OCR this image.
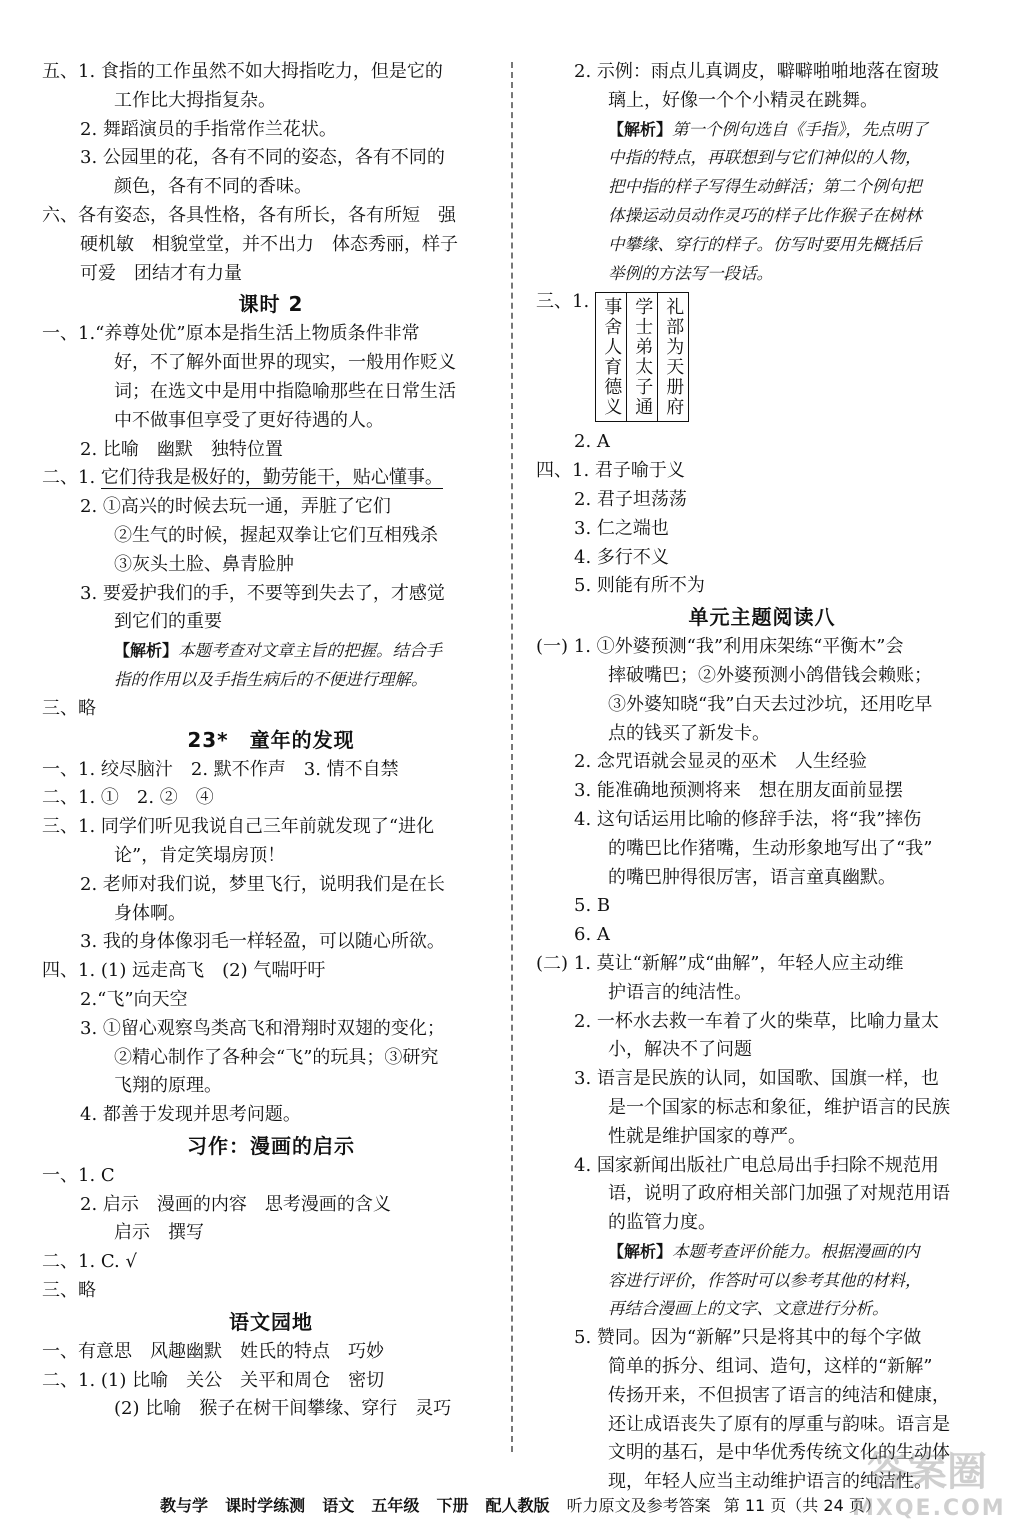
五、1. 食指的工作虽然不如大拇指吃力，但是它的
工作比大拇指复杂。
2. 舞蹈演员的手指常作兰花状。
3. 公园里的花，各有不同的姿态，各有不同的
颜色，各有不同的香味。
六、各有姿态，各具性格，各有所长，各有所短　强
硬机敏　相貌堂堂，并不出力　体态秀丽，样子
可爱　团结才有力量
课时 2
一、1.“养尊处优”原本是指生活上物质条件非常
好，不了解外面世界的现实，一般用作贬义
词；在选文中是用中指隐喻那些在日常生活
中不做事但享受了更好待遇的人。
2. 比喻　幽默　独特位置
二、1. 它们待我是极好的，勤劳能干，贴心懂事。
2. ①高兴的时候去玩一通，弄脏了它们
②生气的时候，握起双拳让它们互相残杀
③灰头土脸、鼻青脸肿
3. 要爱护我们的手，不要等到失去了，才感觉
到它们的重要
【解析】本题考查对文章主旨的把握。结合手
指的作用以及手指生病后的不便进行理解。
三、略
23*　童年的发现
一、1. 绞尽脑汁　2. 默不作声　3. 情不自禁
二、1. ①　2. ②　④
三、1. 同学们听见我说自己三年前就发现了“进化
论”，肯定笑塌房顶！
2. 老师对我们说，梦里飞行，说明我们是在长
身体啊。
3. 我的身体像羽毛一样轻盈，可以随心所欲。
四、1. (1) 远走高飞　(2) 气喘吁吁
2.“飞”向天空
3. ①留心观察鸟类高飞和滑翔时双翅的变化；
②精心制作了各种会“飞”的玩具；③研究
飞翔的原理。
4. 都善于发现并思考问题。
习作：漫画的启示
一、1. C
2. 启示　漫画的内容　思考漫画的含义
启示　撰写
二、1. C. √
三、略
语文园地
一、有意思　风趣幽默　姓氏的特点　巧妙
二、1. (1) 比喻　关公　关平和周仓　密切
(2) 比喻　猴子在树干间攀缘、穿行　灵巧
2. 示例：雨点儿真调皮，噼噼啪啪地落在窗玻
璃上，好像一个个小精灵在跳舞。
【解析】第一个例句选自《手指》，先点明了
中指的特点，再联想到与它们神似的人物，
把中指的样子写得生动鲜活；第二个例句把
体操运动员动作灵巧的样子比作猴子在树林
中攀缘、穿行的样子。仿写时要用先概括后
举例的方法写一段话。
三、1.	礼部为天册府
学士弟太子通
事舍人育德义
2. A
四、1. 君子喻于义
2. 君子坦荡荡
3. 仁之端也
4. 多行不义
5. 则能有所不为
单元主题阅读八
(一) 1. ①外婆预测“我”利用床架练“平衡木”会
摔破嘴巴；②外婆预测小鸽借钱会赖账；
③外婆知晓“我”白天去过沙坑，还用吃早
点的钱买了新发卡。
2. 念咒语就会显灵的巫术　人生经验
3. 能准确地预测将来　想在朋友面前显摆
4. 这句话运用比喻的修辞手法，将“我”摔伤
的嘴巴比作猪嘴，生动形象地写出了“我”
的嘴巴肿得很厉害，语言童真幽默。
5. B
6. A
(二) 1. 莫让“新解”成“曲解”，年轻人应主动维
护语言的纯洁性。
2. 一杯水去救一车着了火的柴草，比喻力量太
小，解决不了问题
3. 语言是民族的认同，如国歌、国旗一样，也
是一个国家的标志和象征，维护语言的民族
性就是维护国家的尊严。
4. 国家新闻出版社广电总局出手扫除不规范用
语，说明了政府相关部门加强了对规范用语
的监管力度。
【解析】本题考查评价能力。根据漫画的内
容进行评价，作答时可以参考其他的材料，
再结合漫画上的文字、文意进行分析。
5. 赞同。因为“新解”只是将其中的每个字做
简单的拆分、组词、造句，这样的“新解”
传扬开来，不但损害了语言的纯洁和健康，
还让成语丧失了原有的厚重与韵味。语言是
文明的基石，是中华优秀传统文化的生动体
现，年轻人应当主动维护语言的纯洁性。
教与学 课时学练测 语文 五年级 下册 配人教版 听力原文及参考答案 第 11 页（共 24 页）
答案圈
MXQE.COM
